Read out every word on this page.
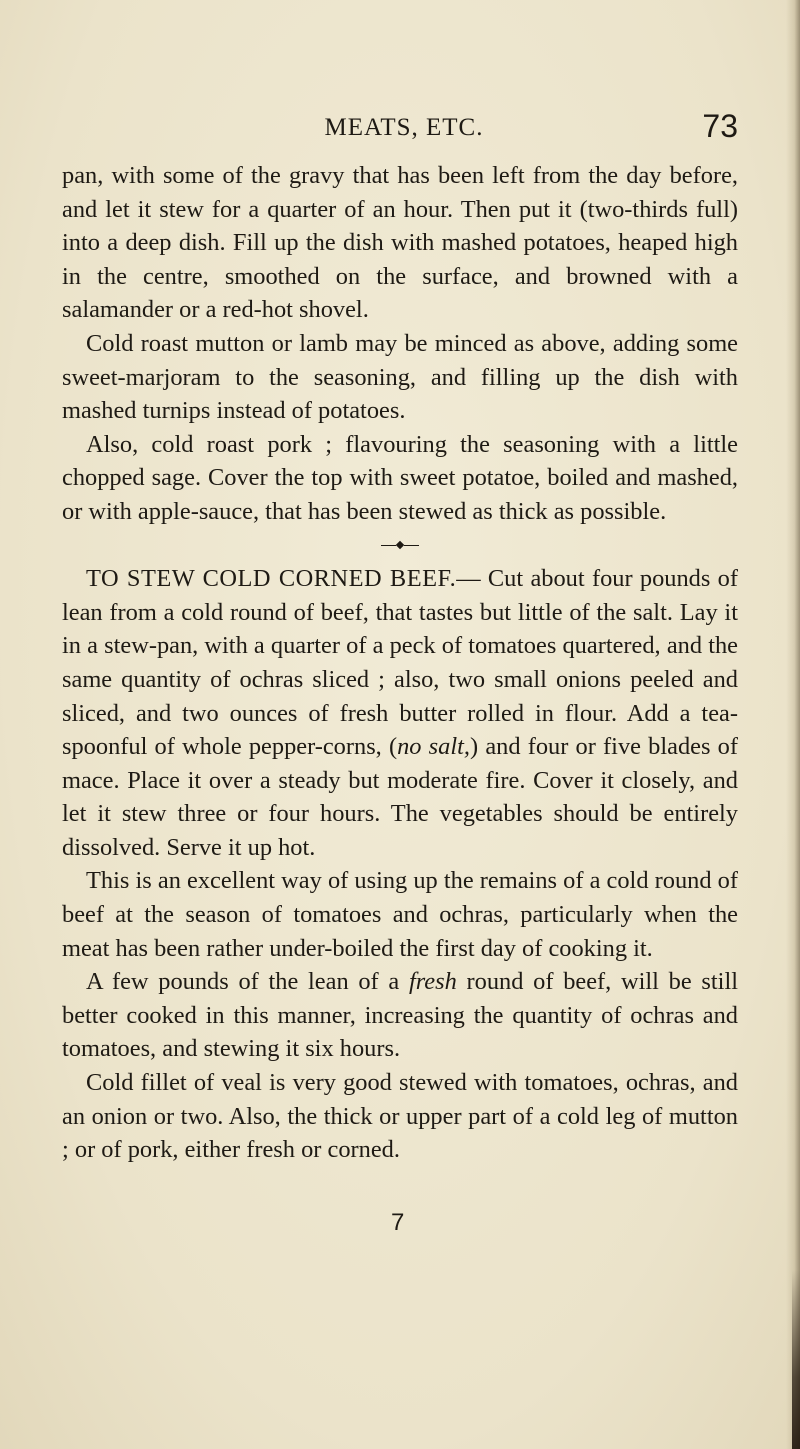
MEATS, ETC.	73

pan, with some of the gravy that has been left from the day before, and let it stew for a quarter of an hour. Then put it (two-thirds full) into a deep dish. Fill up the dish with mashed potatoes, heaped high in the centre, smoothed on the surface, and browned with a salamander or a red-hot shovel.

Cold roast mutton or lamb may be minced as above, adding some sweet-marjoram to the seasoning, and filling up the dish with mashed turnips instead of potatoes.

Also, cold roast pork ; flavouring the seasoning with a little chopped sage. Cover the top with sweet potatoe, boiled and mashed, or with apple-sauce, that has been stewed as thick as possible.

TO STEW COLD CORNED BEEF.— Cut about four pounds of lean from a cold round of beef, that tastes but little of the salt. Lay it in a stew-pan, with a quarter of a peck of tomatoes quartered, and the same quantity of ochras sliced ; also, two small onions peeled and sliced, and two ounces of fresh butter rolled in flour. Add a tea-spoonful of whole pepper-corns, (no salt,) and four or five blades of mace. Place it over a steady but moderate fire. Cover it closely, and let it stew three or four hours. The vegetables should be entirely dissolved. Serve it up hot.

This is an excellent way of using up the remains of a cold round of beef at the season of tomatoes and ochras, particularly when the meat has been rather under-boiled the first day of cooking it.

A few pounds of the lean of a fresh round of beef, will be still better cooked in this manner, increasing the quantity of ochras and tomatoes, and stewing it six hours.

Cold fillet of veal is very good stewed with tomatoes, ochras, and an onion or two. Also, the thick or upper part of a cold leg of mutton ; or of pork, either fresh or corned.

7
